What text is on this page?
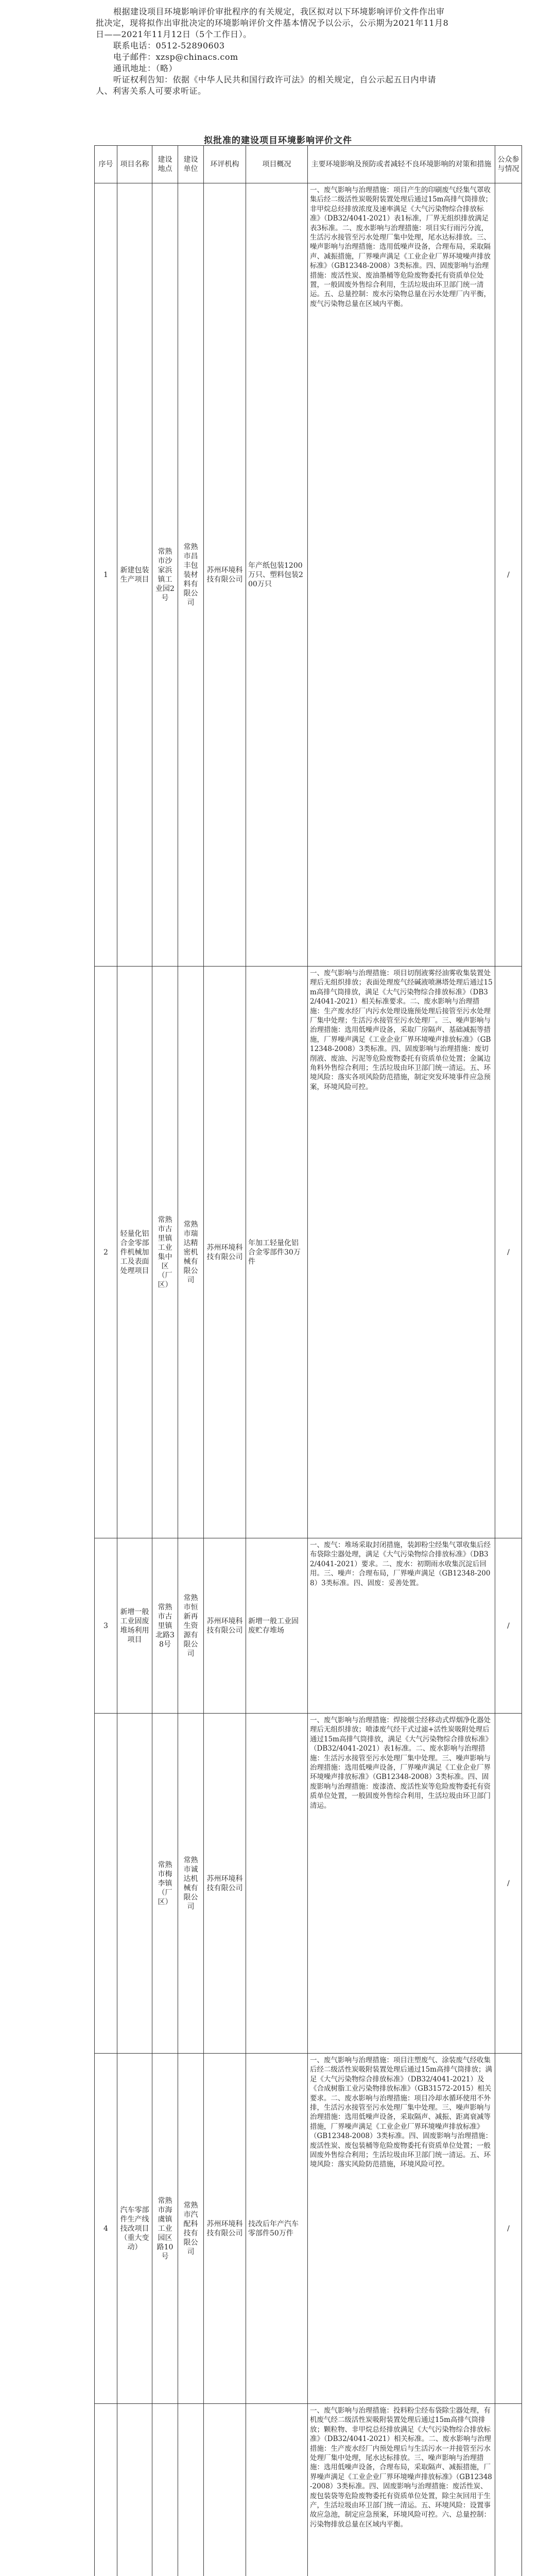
根据建设项目环境影响评价审批程序的有关规定，我区拟对以下环境影响评价文件作出审批决定，现将拟作出审批决定的环境影响评价文件基本情况予以公示，公示期为2021年11月8日——2021年11月12日（5个工作日）。

联系电话：0512-52890603

电子邮件：xzsp@chinacs.com

通讯地址：（略）

听证权利告知：依据《中华人民共和国行政许可法》的相关规定，自公示起五日内申请人、利害关系人可要求听证。

拟批准的建设项目环境影响评价文件
序号	项目名称	建设地点	建设单位	环评机构	项目概况	主要环境影响及预防或者减轻不良环境影响的对策和措施	公众参与情况
1	新建包装生产项目	常熟市沙家浜镇工业园2号	常熟市昌丰包装材料有限公司	苏州环境科技有限公司	年产纸包装1200万只、塑料包装200万只	一、废气影响与治理措施：项目产生的印刷废气经集气罩收集后经二级活性炭吸附装置处理后通过15m高排气筒排放；非甲烷总烃排放浓度及速率满足《大气污染物综合排放标准》（DB32/4041-2021）表1标准，厂界无组织排放满足表3标准。二、废水影响与治理措施：项目实行雨污分流，生活污水接管至污水处理厂集中处理，尾水达标排放。三、噪声影响与治理措施：选用低噪声设备，合理布局，采取隔声、减振措施，厂界噪声满足《工业企业厂界环境噪声排放标准》（GB12348-2008）3类标准。四、固废影响与治理措施：废活性炭、废油墨桶等危险废物委托有资质单位处置，一般固废外售综合利用，生活垃圾由环卫部门统一清运。五、总量控制：废水污染物总量在污水处理厂内平衡，废气污染物总量在区域内平衡。	/
2	轻量化铝合金零部件机械加工及表面处理项目	常熟市古里镇工业集中区（厂区）	常熟市瑞达精密机械有限公司	苏州环境科技有限公司	年加工轻量化铝合金零部件30万件	一、废气影响与治理措施：项目切削液雾经油雾收集装置处理后无组织排放；表面处理废气经碱液喷淋塔处理后通过15m高排气筒排放，满足《大气污染物综合排放标准》（DB32/4041-2021）相关标准要求。二、废水影响与治理措施：生产废水经厂内污水处理设施预处理后接管至污水处理厂集中处理；生活污水接管至污水处理厂。三、噪声影响与治理措施：选用低噪声设备，采取厂房隔声、基础减振等措施，厂界噪声满足《工业企业厂界环境噪声排放标准》（GB12348-2008）3类标准。四、固废影响与治理措施：废切削液、废油、污泥等危险废物委托有资质单位处置；金属边角料外售综合利用；生活垃圾由环卫部门统一清运。五、环境风险：落实各项风险防范措施，制定突发环境事件应急预案，环境风险可控。	/
3	新增一般工业固废堆场利用项目	常熟市古里镇北路38号	常熟市恒新再生资源有限公司	苏州环境科技有限公司	新增一般工业固废贮存堆场	一、废气：堆场采取封闭措施，装卸粉尘经集气罩收集后经布袋除尘器处理，满足《大气污染物综合排放标准》（DB32/4041-2021）要求。二、废水：初期雨水收集沉淀后回用。三、噪声：合理布局，厂界噪声满足（GB12348-2008）3类标准。四、固废：妥善处置。	/
		常熟市梅李镇（厂区）	常熟市诚达机械有限公司	苏州环境科技有限公司		一、废气影响与治理措施：焊接烟尘经移动式焊烟净化器处理后无组织排放；喷漆废气经干式过滤+活性炭吸附处理后通过15m高排气筒排放，满足《大气污染物综合排放标准》（DB32/4041-2021）表1标准。二、废水影响与治理措施：生活污水接管至污水处理厂集中处理。三、噪声影响与治理措施：选用低噪声设备，厂界噪声满足《工业企业厂界环境噪声排放标准》（GB12348-2008）3类标准。四、固废影响与治理措施：废漆渣、废活性炭等危险废物委托有资质单位处置，一般固废外售综合利用，生活垃圾由环卫部门清运。	/
4	汽车零部件生产线技改项目（重大变动）	常熟市海虞镇工业园区路10号	常熟市汽配科技有限公司	苏州环境科技有限公司	技改后年产汽车零部件50万件	一、废气影响与治理措施：项目注塑废气、涂装废气经收集后经二级活性炭吸附装置处理后通过15m高排气筒排放；满足《大气污染物综合排放标准》（DB32/4041-2021）及《合成树脂工业污染物排放标准》（GB31572-2015）相关要求。二、废水影响与治理措施：项目冷却水循环使用不外排，生活污水接管至污水处理厂集中处理。三、噪声影响与治理措施：选用低噪声设备，采取隔声、减振、距离衰减等措施，厂界噪声满足《工业企业厂界环境噪声排放标准》（GB12348-2008）3类标准。四、固废影响与治理措施：废活性炭、废包装桶等危险废物委托有资质单位处置；一般固废外售综合利用；生活垃圾由环卫部门统一清运。五、环境风险：落实风险防范措施，环境风险可控。	/
						一、废气影响与治理措施：投料粉尘经布袋除尘器处理，有机废气经二级活性炭吸附装置处理后通过15m高排气筒排放；颗粒物、非甲烷总烃排放满足《大气污染物综合排放标准》（DB32/4041-2021）相关标准。二、废水影响与治理措施：生产废水经厂内预处理后与生活污水一并接管至污水处理厂集中处理，尾水达标排放。三、噪声影响与治理措施：选用低噪声设备，合理布局，采取隔声、减振措施，厂界噪声满足《工业企业厂界环境噪声排放标准》（GB12348-2008）3类标准。四、固废影响与治理措施：废活性炭、废包装袋等危险废物委托有资质单位处置，除尘灰回用于生产，生活垃圾由环卫部门统一清运。五、环境风险：设置事故应急池，制定应急预案，环境风险可控。六、总量控制：污染物排放总量在区域内平衡。	
